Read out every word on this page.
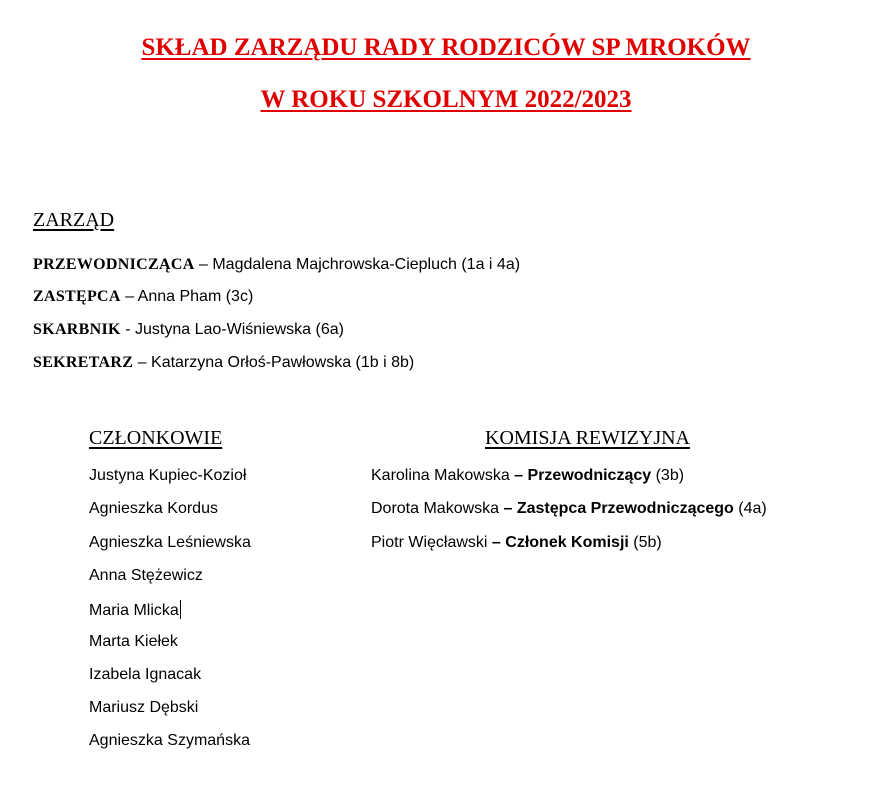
SKŁAD ZARZĄDU RADY RODZICÓW SP MROKÓW
W ROKU SZKOLNYM 2022/2023
ZARZĄD
PRZEWODNICZĄCA – Magdalena Majchrowska-Ciepluch (1a i 4a)
ZASTĘPCA – Anna Pham (3c)
SKARBNIK - Justyna Lao-Wiśniewska (6a)
SEKRETARZ – Katarzyna Orłoś-Pawłowska (1b i 8b)
CZŁONKOWIE	KOMISJA REWIZYJNA
Justyna Kupiec-Kozioł
Agnieszka Kordus
Agnieszka Leśniewska
Anna Stężewicz
Maria Mlicka
Marta Kiełek
Izabela Ignacak
Mariusz Dębski
Agnieszka Szymańska
Karolina Makowska – Przewodniczący (3b)
Dorota Makowska – Zastępca Przewodniczącego (4a)
Piotr Więcławski – Członek Komisji (5b)
